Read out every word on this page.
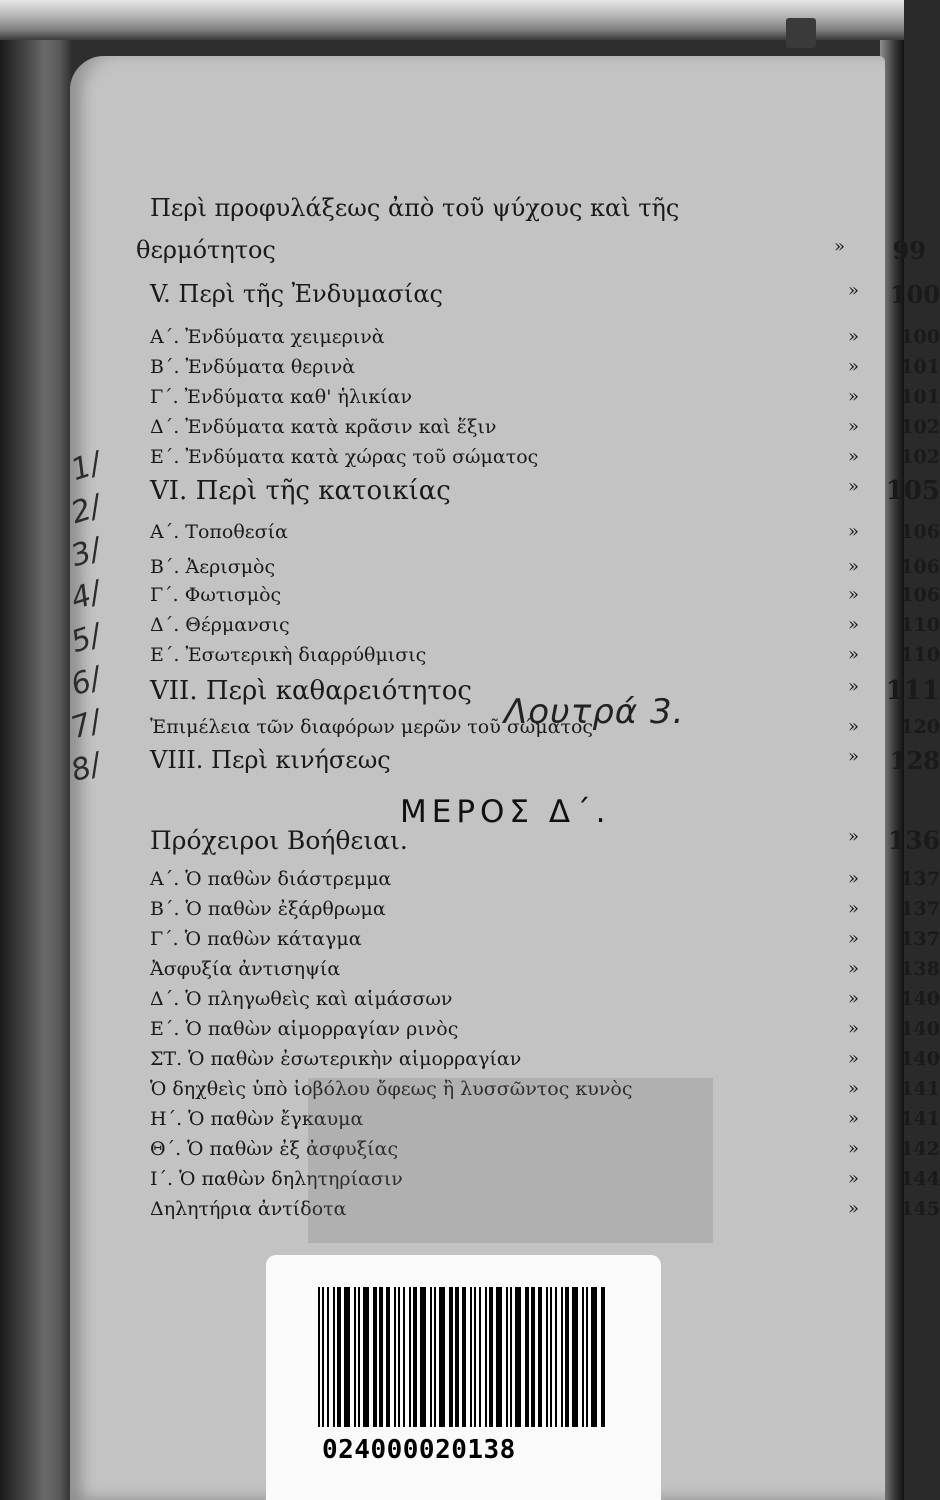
1/
2/
3/
4/
5/
6/
7/
8/
Περὶ προφυλάξεως ἀπὸ τοῦ ψύχους καὶ τῆς
θερμότητος	» 99
V. Περὶ τῆς Ἐνδυμασίας	» 100
Α΄. Ἐνδύματα χειμερινὰ	» 100
Β΄. Ἐνδύματα θερινὰ	» 101
Γ΄. Ἐνδύματα καθ' ἡλικίαν	» 101
Δ΄. Ἐνδύματα κατὰ κρᾶσιν καὶ ἕξιν	» 102
Ε΄. Ἐνδύματα κατὰ χώρας τοῦ σώματος	» 102
VI. Περὶ τῆς κατοικίας	» 105
Α΄. Τοποθεσία	» 106
Β΄. Ἀερισμὸς	» 106
Γ΄. Φωτισμὸς	» 106
Δ΄. Θέρμανσις	» 110
Ε΄. Ἐσωτερικὴ διαρρύθμισις	» 110
VII. Περὶ καθαρειότητος	» 111
Ἐπιμέλεια τῶν διαφόρων μερῶν τοῦ σώματος	» 120
VIII. Περὶ κινήσεως	» 128
Πρόχειροι Βοήθειαι.	» 136
Α΄. Ὁ παθὼν διάστρεμμα	» 137
Β΄. Ὁ παθὼν ἐξάρθρωμα	» 137
Γ΄. Ὁ παθὼν κάταγμα	» 137
Ἀσφυξία ἀντισηψία	» 138
Δ΄. Ὁ πληγωθεὶς καὶ αἱμάσσων	» 140
Ε΄. Ὁ παθὼν αἱμορραγίαν ρινὸς	» 140
ΣΤ. Ὁ παθὼν ἐσωτερικὴν αἱμορραγίαν	» 140
Ὁ δηχθεὶς ὑπὸ ἰοβόλου ὄφεως ἢ λυσσῶντος κυνὸς	» 141
Η΄. Ὁ παθὼν ἔγκαυμα	» 141
Θ΄. Ὁ παθὼν ἐξ ἀσφυξίας	» 142
Ι΄. Ὁ παθὼν δηλητηρίασιν	» 144
Δηλητήρια ἀντίδοτα	» 145
ΜΕΡΟΣ Δ΄.
Λουτρά 3.
024000020138
